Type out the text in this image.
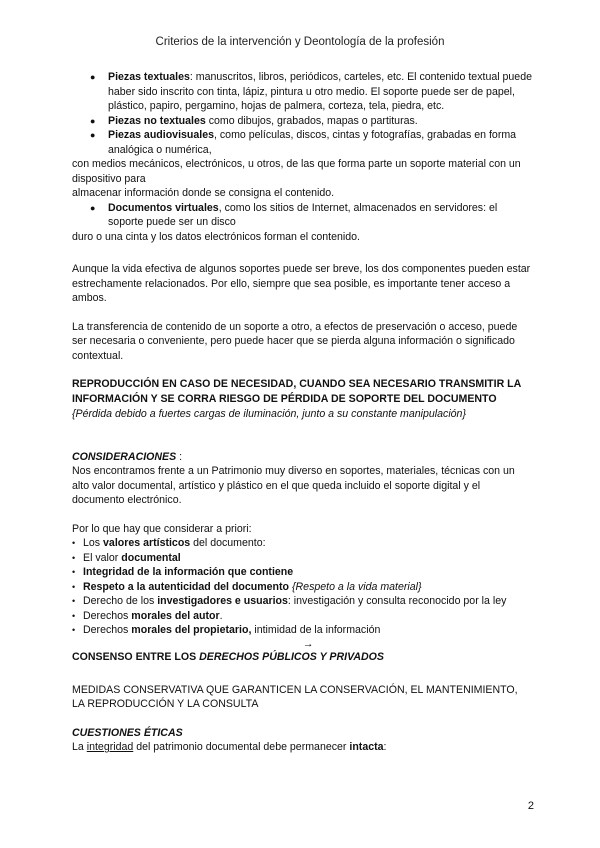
Criterios de la intervención y Deontología de la profesión

● Piezas textuales: manuscritos, libros, periódicos, carteles, etc. El contenido textual puede haber sido inscrito con tinta, lápiz, pintura u otro medio. El soporte puede ser de papel, plástico, papiro, pergamino, hojas de palmera, corteza, tela, piedra, etc.

● Piezas no textuales como dibujos, grabados, mapas o partituras.

● Piezas audiovisuales, como películas, discos, cintas y fotografías, grabadas en forma analógica o numérica,

con medios mecánicos, electrónicos, u otros, de las que forma parte un soporte material con un dispositivo para

almacenar información donde se consigna el contenido.

● Documentos virtuales, como los sitios de Internet, almacenados en servidores: el soporte puede ser un disco

duro o una cinta y los datos electrónicos forman el contenido.

Aunque la vida efectiva de algunos soportes puede ser breve, los dos componentes pueden estar estrechamente relacionados. Por ello, siempre que sea posible, es importante tener acceso a ambos.

La transferencia de contenido de un soporte a otro, a efectos de preservación o acceso, puede ser necesaria o conveniente, pero puede hacer que se pierda alguna información o significado contextual.

REPRODUCCIÓN EN CASO DE NECESIDAD, CUANDO SEA NECESARIO TRANSMITIR LA INFORMACIÓN Y SE CORRA RIESGO DE PÉRDIDA DE SOPORTE DEL DOCUMENTO

{Pérdida debido a fuertes cargas de iluminación, junto a su constante manipulación}

CONSIDERACIONES :

Nos encontramos frente a un Patrimonio muy diverso en soportes, materiales, técnicas con un alto valor documental, artístico y plástico en el que queda incluido el soporte digital y el documento electrónico.

Por lo que hay que considerar a priori:

• Los valores artísticos del documento:

• El valor documental

• Integridad de la información que contiene

• Respeto a la autenticidad del documento {Respeto a la vida material}

• Derecho de los investigadores e usuarios: investigación y consulta reconocido por la ley

• Derechos morales del autor.

• Derechos morales del propietario, intimidad de la información

→

CONSENSO ENTRE LOS DERECHOS PÚBLICOS Y PRIVADOS

MEDIDAS CONSERVATIVA QUE GARANTICEN LA CONSERVACIÓN, EL MANTENIMIENTO, LA REPRODUCCIÓN Y LA CONSULTA

CUESTIONES ÉTICAS

La integridad del patrimonio documental debe permanecer intacta:

2
